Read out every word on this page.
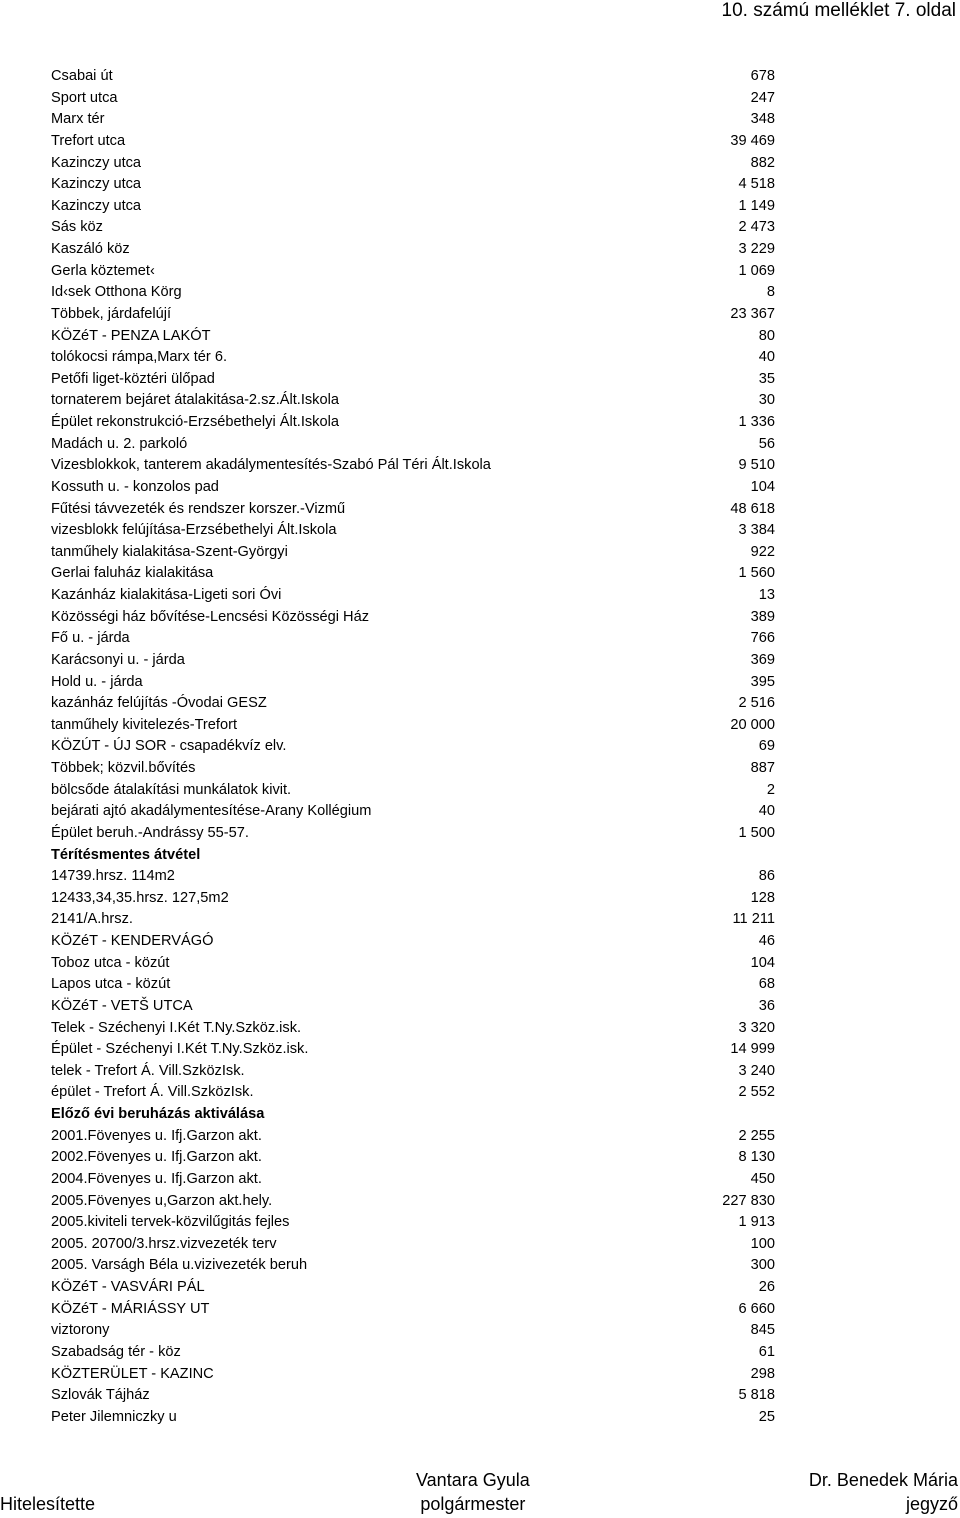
10. számú melléklet 7. oldal
Csabai út	678
Sport utca	247
Marx tér	348
Trefort utca	39 469
Kazinczy utca	882
Kazinczy utca	4 518
Kazinczy utca	1 149
Sás köz	2 473
Kaszáló köz	3 229
Gerla köztemet‹	1 069
Id‹sek Otthona Körg	8
Többek, járdafelújí	23 367
KÖZéT - PENZA LAKÓT	80
tolókocsi rámpa,Marx tér 6.	40
Petőfi liget-köztéri ülőpad	35
tornaterem bejáret átalakitása-2.sz.Ált.Iskola	30
Épület rekonstrukció-Erzsébethelyi Ált.Iskola	1 336
Madách u. 2. parkoló	56
Vizesblokkok, tanterem akadálymentesítés-Szabó Pál Téri Ált.Iskola	9 510
Kossuth u. - konzolos pad	104
Fűtési távvezeték és rendszer korszer.-Vizmű	48 618
vizesblokk felújítása-Erzsébethelyi Ált.Iskola	3 384
tanműhely kialakitása-Szent-Györgyi	922
Gerlai faluház kialakitása	1 560
Kazánház kialakitása-Ligeti sori Óvi	13
Közösségi ház bővítése-Lencsési Közösségi Ház	389
Fő u. - járda	766
Karácsonyi u. - járda	369
Hold u. - járda	395
kazánház felújítás -Óvodai GESZ	2 516
tanműhely kivitelezés-Trefort	20 000
KÖZÚT - ÚJ SOR - csapadékvíz elv.	69
Többek; közvil.bővítés	887
bölcsőde átalakítási munkálatok kivit.	2
bejárati ajtó akadálymentesítése-Arany Kollégium	40
Épület beruh.-Andrássy 55-57.	1 500
Térítésmentes átvétel
14739.hrsz. 114m2	86
12433,34,35.hrsz. 127,5m2	128
2141/A.hrsz.	11 211
KÖZéT - KENDERVÁGÓ	46
Toboz utca - közút	104
Lapos utca - közút	68
KÖZéT - VETŠ UTCA	36
Telek - Széchenyi I.Két T.Ny.Szköz.isk.	3 320
Épület - Széchenyi I.Két T.Ny.Szköz.isk.	14 999
telek - Trefort Á. Vill.SzközIsk.	3 240
épület - Trefort Á. Vill.SzközIsk.	2 552
Előző évi beruházás aktiválása
2001.Fövenyes u. Ifj.Garzon akt.	2 255
2002.Fövenyes u. Ifj.Garzon akt.	8 130
2004.Fövenyes u. Ifj.Garzon akt.	450
2005.Fövenyes u,Garzon akt.hely.	227 830
2005.kiviteli tervek-közvilűgitás fejles	1 913
2005. 20700/3.hrsz.vizvezeték terv	100
2005. Varságh Béla u.vizivezeték beruh	300
KÖZéT - VASVÁRI PÁL	26
KÖZéT - MÁRIÁSSY UT	6 660
viztorony	845
Szabadság tér - köz	61
KÖZTERÜLET - KAZINC	298
Szlovák Tájház	5 818
Peter Jilemniczky u	25
Hitelesítette
Vantara Gyula
polgármester
Dr. Benedek Mária
jegyző
